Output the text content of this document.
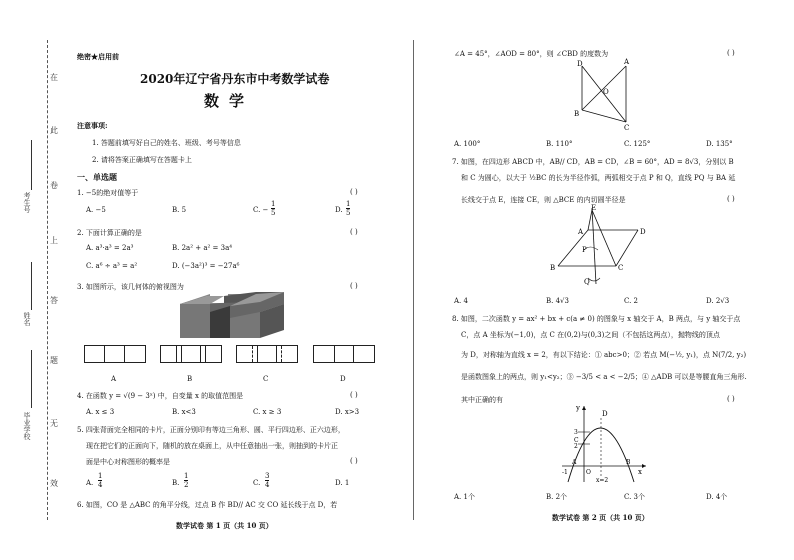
在
此
卷
上
答
题
无
效
考生号
姓名
毕业学校
绝密★启用前
2020年辽宁省丹东市中考数学试卷
数学
注意事项:
1. 答题前填写好自己的姓名、班级、考号等信息
2. 请将答案正确填写在答题卡上
一、单选题
1. −5的绝对值等于	( )
A. −5	B. 5	C. −
1
5	D.
1
5
2. 下面计算正确的是	( )
A. a³·a³ = 2a³	B. 2a² + a² = 3a⁴
C. a⁶ ÷ a³ = a²	D. (−3a²)³ = −27a⁶
3. 如图所示，该几何体的俯视图为	( )
A	B	C	D
4. 在函数 y = √(9 − 3ˣ) 中，自变量 x 的取值范围是	( )
A. x ≤ 3	B. x<3	C. x ≥ 3	D. x>3
5. 四张背面完全相同的卡片，正面分别印有等边三角形、圆、平行四边形、正六边形，
现在把它们的正面向下，随机的放在桌面上，从中任意抽出一张，则抽到的卡片正
面是中心对称图形的概率是	( )
A.
1
4	B.
1
2	C.
3
4	D. 1
6. 如图，CO 是 △ABC 的角平分线，过点 B 作 BD// AC 交 CO 延长线于点 D，若
数学试卷 第 1 页（共 10 页）
∠A = 45°，∠AOD = 80°，则 ∠CBD 的度数为	( )
D	A
O
B
C
A. 100°	B. 110°	C. 125°	D. 135°
7. 如图，在四边形 ABCD 中，AB// CD，AB = CD，∠B = 60°，AD = 8√3，分别以 B
和 C 为圆心，以大于 ½BC 的长为半径作弧，两弧相交于点 P 和 Q，直线 PQ 与 BA 延
长线交于点 E，连接 CE，则 △BCE 的内切圆半径是	( )
E
A	D
P
B	C
Q
A. 4	B. 4√3	C. 2	D. 2√3
8. 如图，二次函数 y = ax² + bx + c(a ≠ 0) 的图象与 x 轴交于 A，B 两点，与 y 轴交于点
C，点 A 坐标为(−1,0)，点 C 在(0,2)与(0,3)之间（不包括这两点），抛物线的顶点
为 D，对称轴为直线 x = 2，有以下结论：① abc>0；② 若点 M(−½, y₁)，点 N(7/2, y₂)
是函数图象上的两点，则 y₁<y₂；③ −3/5 < a < −2/5；④ △ADB 可以是等腰直角三角形.
其中正确的有	( )
y
x
D
3
C
2
O
-1
A	B
x=2
A. 1个	B. 2个	C. 3个	D. 4个
数学试卷 第 2 页（共 10 页）
